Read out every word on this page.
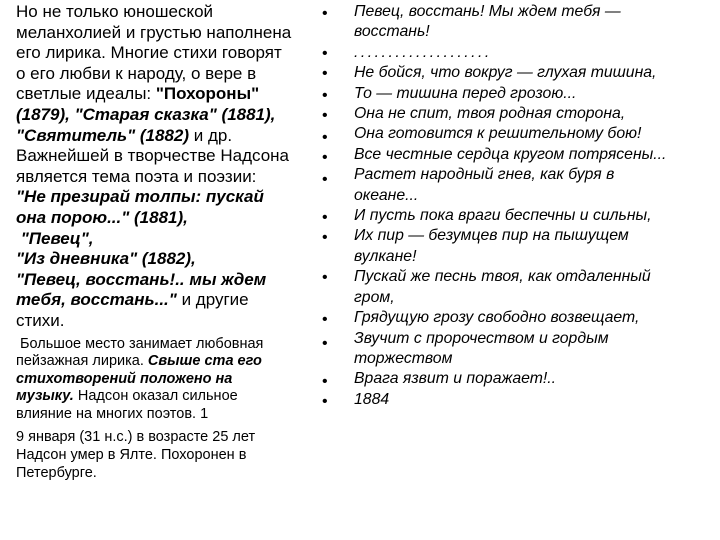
Но не только юношеской
меланхолией и грустью наполнена
его лирика. Многие стихи говорят
о его любви к народу, о вере в
светлые идеалы: "Похороны"
(1879), "Старая сказка" (1881),
"Святитель" (1882) и др.
Важнейшей в творчестве Надсона
является тема поэта и поэзии:
"Не презирай толпы: пускай
она порою..." (1881),
"Певец",
"Из дневника" (1882),
"Певец, восстань!.. мы ждем
тебя, восстань..." и другие
стихи.
Большое место занимает любовная
пейзажная лирика. Свыше ста его
стихотворений положено на
музыку. Надсон оказал сильное
влияние на многих поэтов. 1
9 января (31 н.с.) в возрасте 25 лет
Надсон умер в Ялте. Похоронен в
Петербурге.
•
•
•
•
•
•
•
•
•
•
•
•
•
•
•
Певец, восстань! Мы ждем тебя —
восстань!
....................
Не бойся, что вокруг — глухая тишина,
То — тишина перед грозою...
Она не спит, твоя родная сторона,
Она готовится к решительному бою!
Все честные сердца кругом потрясены...
Растет народный гнев, как буря в
океане...
И пусть пока враги беспечны и сильны,
Их пир — безумцев пир на пышущем
вулкане!
Пускай же песнь твоя, как отдаленный
гром,
Грядущую грозу свободно возвещает,
Звучит с пророчеством и гордым
торжеством
Врага язвит и поражает!..
1884
